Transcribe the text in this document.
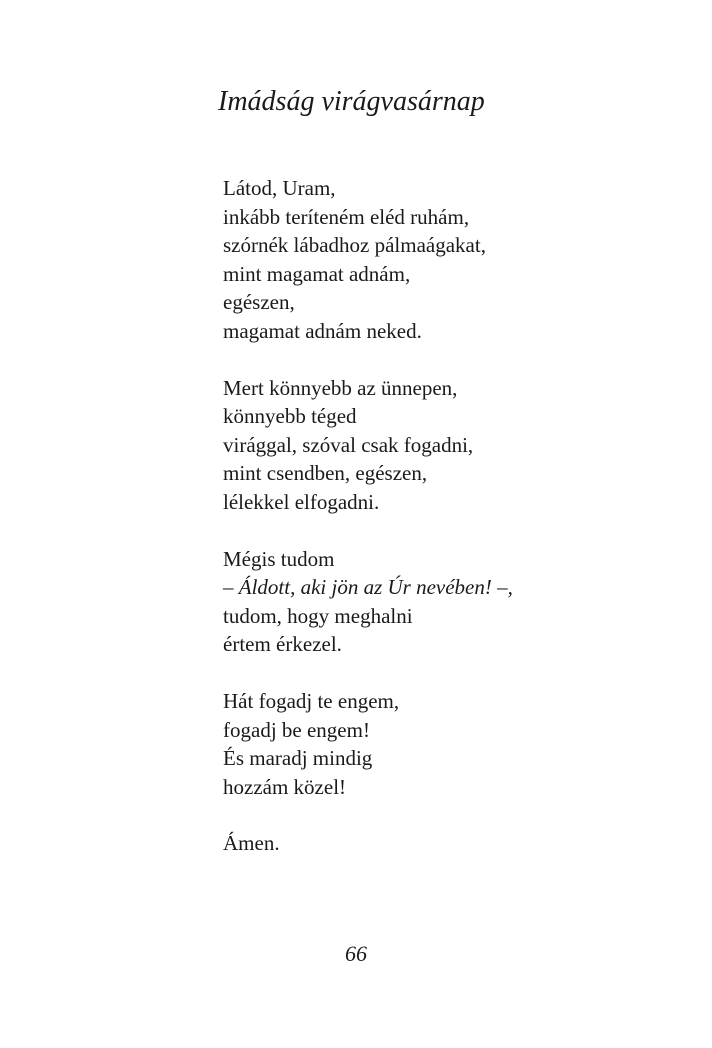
Imádság virágvasárnap
Látod, Uram,
inkább teríteném eléd ruhám,
szórnék lábadhoz pálmaágakat,
mint magamat adnám,
egészen,
magamat adnám neked.
Mert könnyebb az ünnepen,
könnyebb téged
virággal, szóval csak fogadni,
mint csendben, egészen,
lélekkel elfogadni.
Mégis tudom
– Áldott, aki jön az Úr nevében! –,
tudom, hogy meghalni
értem érkezel.
Hát fogadj te engem,
fogadj be engem!
És maradj mindig
hozzám közel!
Ámen.
66
